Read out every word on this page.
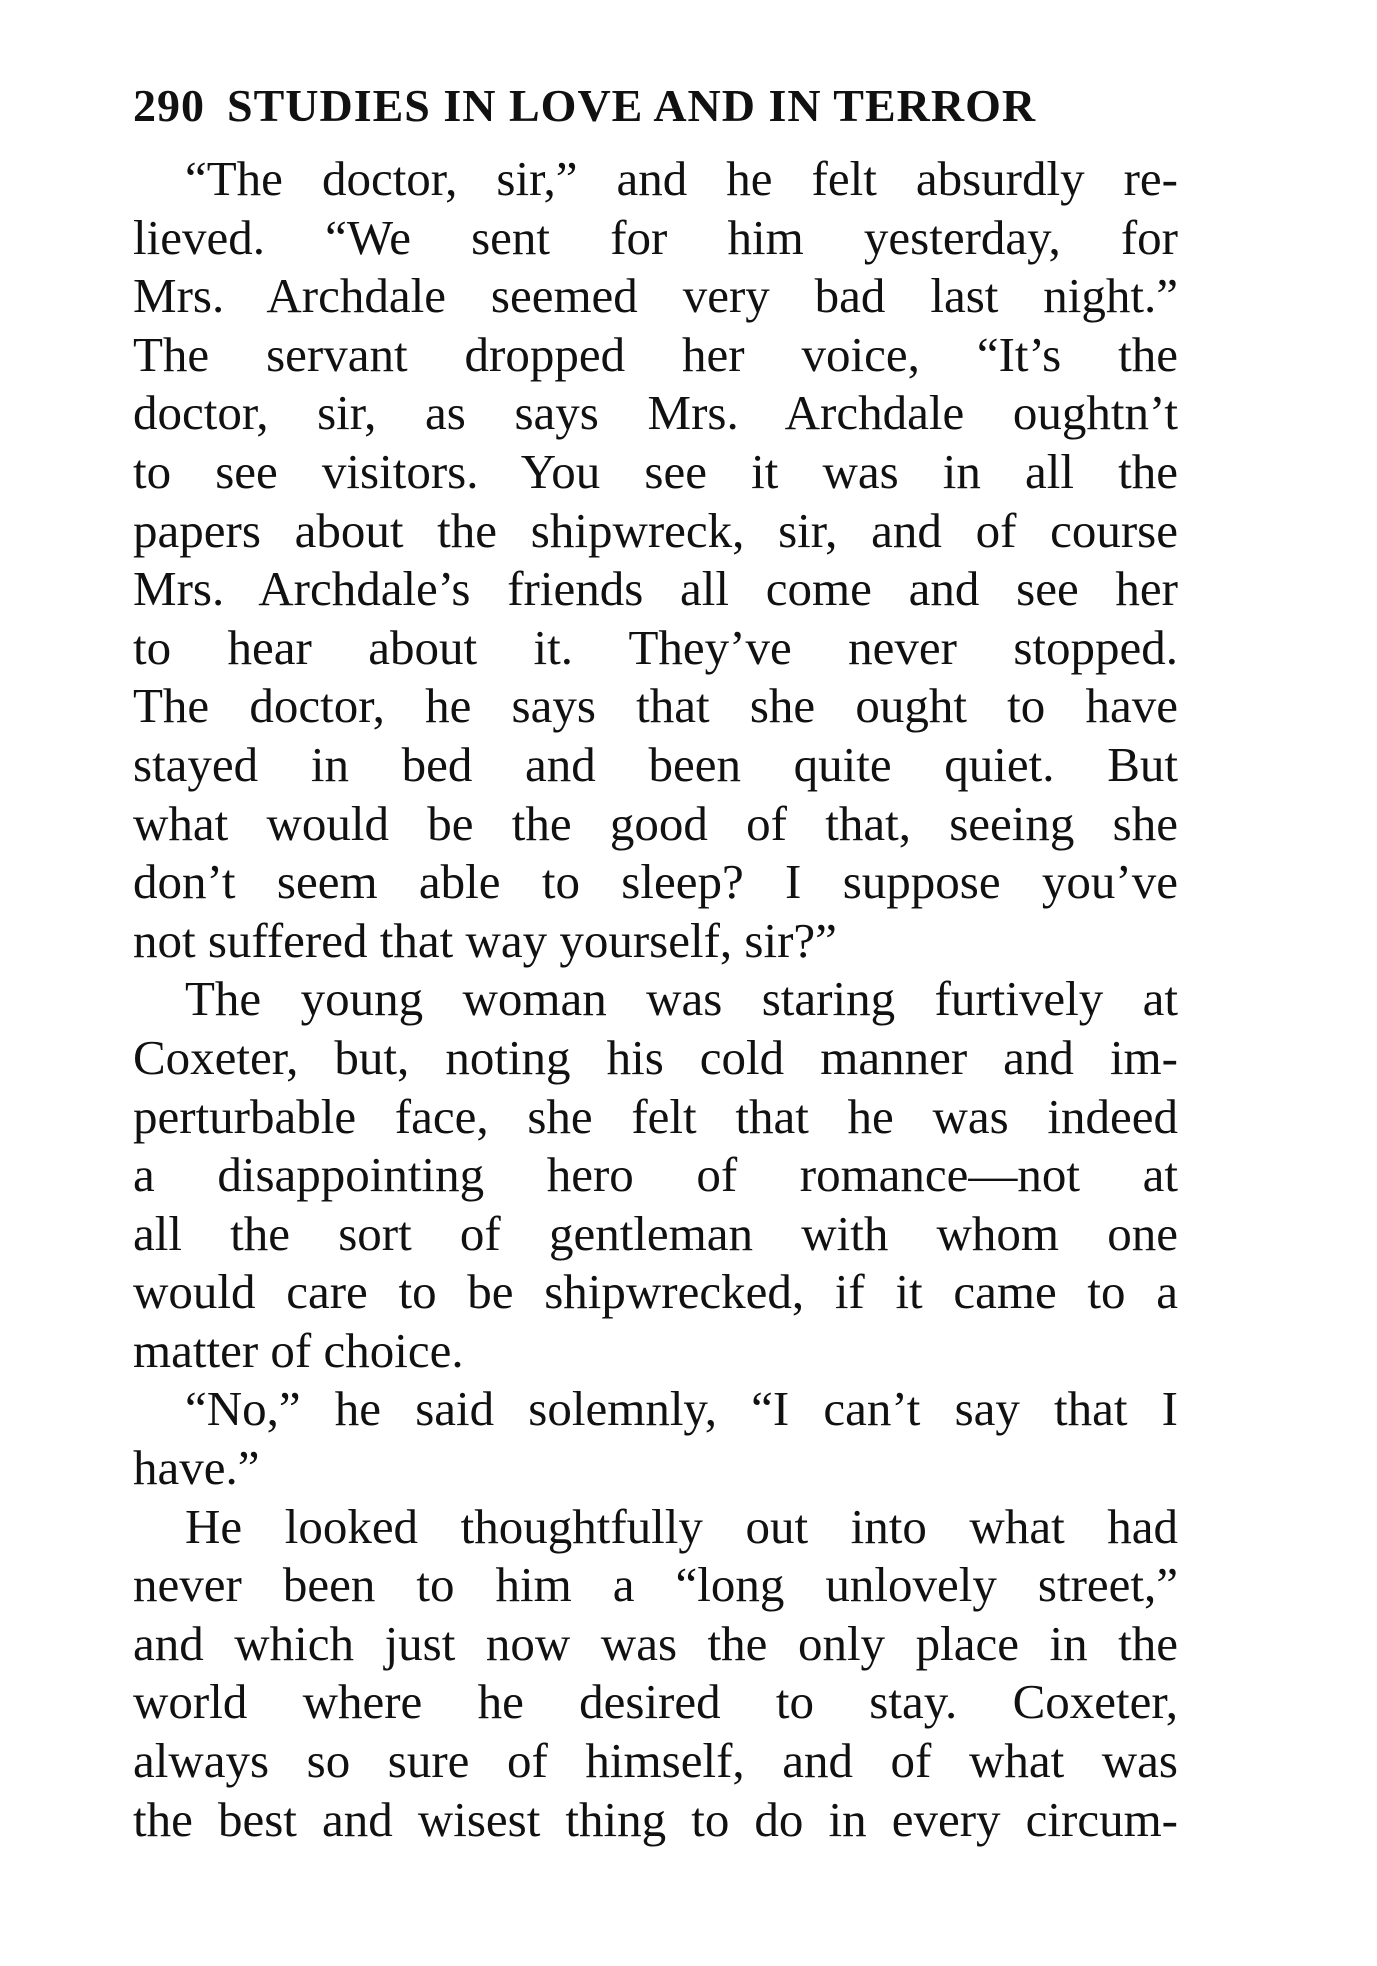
290 STUDIES IN LOVE AND IN TERROR
“The doctor, sir,” and he felt absurdly re-
lieved. “We sent for him yesterday, for
Mrs. Archdale seemed very bad last night.”
The servant dropped her voice, “It’s the
doctor, sir, as says Mrs. Archdale oughtn’t
to see visitors. You see it was in all the
papers about the shipwreck, sir, and of course
Mrs. Archdale’s friends all come and see her
to hear about it. They’ve never stopped.
The doctor, he says that she ought to have
stayed in bed and been quite quiet. But
what would be the good of that, seeing she
don’t seem able to sleep? I suppose you’ve
not suffered that way yourself, sir?”
The young woman was staring furtively at
Coxeter, but, noting his cold manner and im-
perturbable face, she felt that he was indeed
a disappointing hero of romance—not at
all the sort of gentleman with whom one
would care to be shipwrecked, if it came to a
matter of choice.
“No,” he said solemnly, “I can’t say that I
have.”
He looked thoughtfully out into what had
never been to him a “long unlovely street,”
and which just now was the only place in the
world where he desired to stay. Coxeter,
always so sure of himself, and of what was
the best and wisest thing to do in every circum-
